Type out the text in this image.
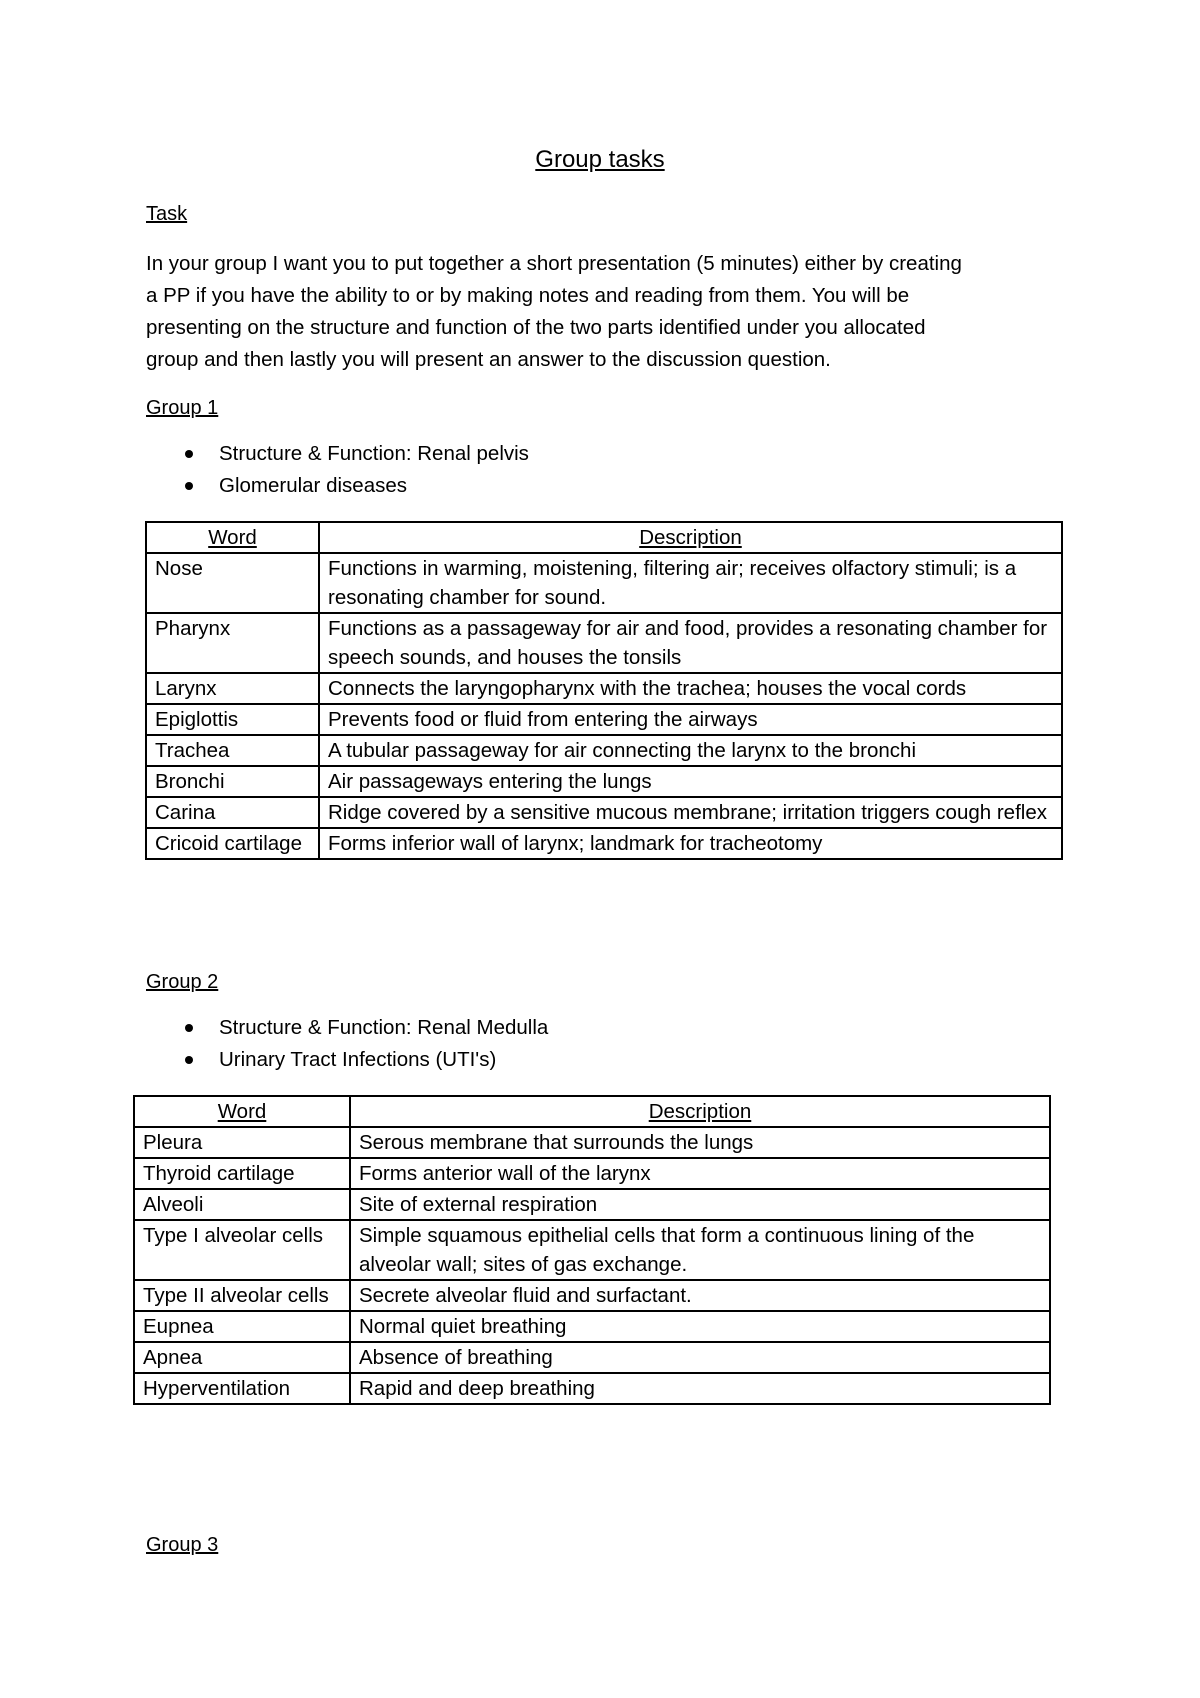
Group tasks
Task

In your group I want you to put together a short presentation (5 minutes) either by creating
a PP if you have the ability to or by making notes and reading from them. You will be
presenting on the structure and function of the two parts identified under you allocated
group and then lastly you will present an answer to the discussion question.

Group 1
Structure & Function: Renal pelvis
Glomerular diseases
Word	Description
Nose	Functions in warming, moistening, filtering air; receives olfactory stimuli; is a resonating chamber for sound.
Pharynx	Functions as a passageway for air and food, provides a resonating chamber for speech sounds, and houses the tonsils
Larynx	Connects the laryngopharynx with the trachea; houses the vocal cords
Epiglottis	Prevents food or fluid from entering the airways
Trachea	A tubular passageway for air connecting the larynx to the bronchi
Bronchi	Air passageways entering the lungs
Carina	Ridge covered by a sensitive mucous membrane; irritation triggers cough reflex
Cricoid cartilage	Forms inferior wall of larynx; landmark for tracheotomy
Group 2
Structure & Function: Renal Medulla
Urinary Tract Infections (UTI's)
Word	Description
Pleura	Serous membrane that surrounds the lungs
Thyroid cartilage	Forms anterior wall of the larynx
Alveoli	Site of external respiration
Type I alveolar cells	Simple squamous epithelial cells that form a continuous lining of the alveolar wall; sites of gas exchange.
Type II alveolar cells	Secrete alveolar fluid and surfactant.
Eupnea	Normal quiet breathing
Apnea	Absence of breathing
Hyperventilation	Rapid and deep breathing
Group 3
